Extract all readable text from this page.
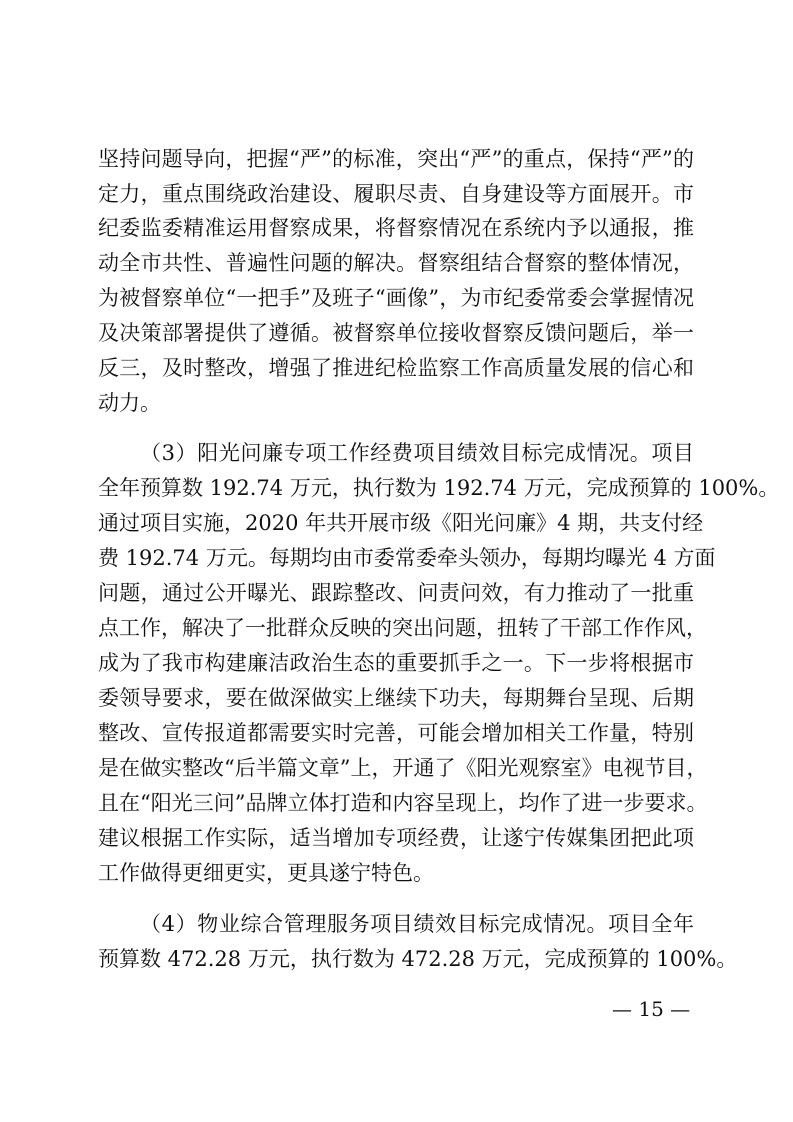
坚持问题导向，把握“严”的标准，突出“严”的重点，保持“严”的
定力，重点围绕政治建设、履职尽责、自身建设等方面展开。市
纪委监委精准运用督察成果，将督察情况在系统内予以通报，推
动全市共性、普遍性问题的解决。督察组结合督察的整体情况，
为被督察单位“一把手”及班子“画像”，为市纪委常委会掌握情况
及决策部署提供了遵循。被督察单位接收督察反馈问题后，举一
反三，及时整改，增强了推进纪检监察工作高质量发展的信心和
动力。
（3）阳光问廉专项工作经费项目绩效目标完成情况。项目
全年预算数 192.74 万元，执行数为 192.74 万元，完成预算的 100%。
通过项目实施，2020 年共开展市级《阳光问廉》4 期，共支付经
费 192.74 万元。每期均由市委常委牵头领办，每期均曝光 4 方面
问题，通过公开曝光、跟踪整改、问责问效，有力推动了一批重
点工作，解决了一批群众反映的突出问题，扭转了干部工作作风，
成为了我市构建廉洁政治生态的重要抓手之一。下一步将根据市
委领导要求，要在做深做实上继续下功夫，每期舞台呈现、后期
整改、宣传报道都需要实时完善，可能会增加相关工作量，特别
是在做实整改“后半篇文章”上，开通了《阳光观察室》电视节目，
且在“阳光三问”品牌立体打造和内容呈现上，均作了进一步要求。
建议根据工作实际，适当增加专项经费，让遂宁传媒集团把此项
工作做得更细更实，更具遂宁特色。
（4）物业综合管理服务项目绩效目标完成情况。项目全年
预算数 472.28 万元，执行数为 472.28 万元，完成预算的 100%。
— 15 —
